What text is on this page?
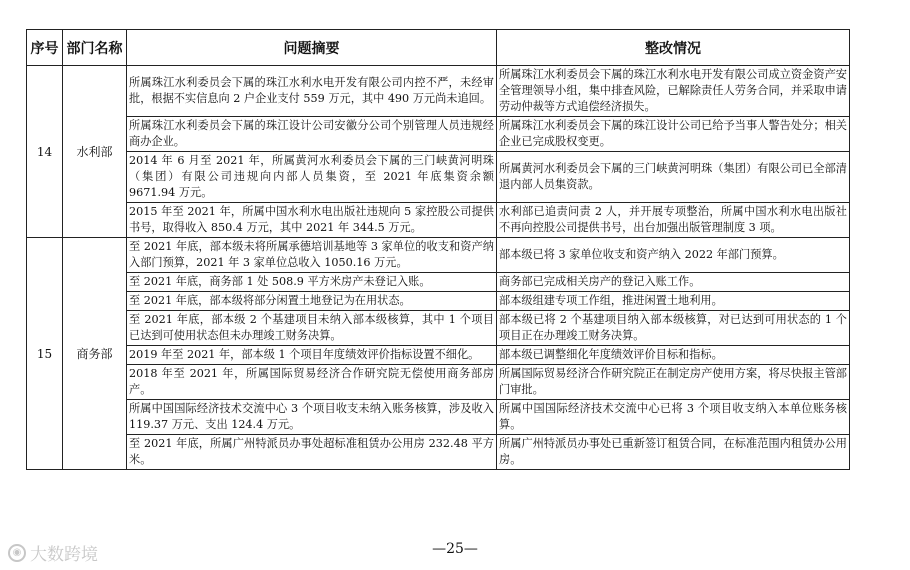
序号	部门名称	问题摘要	整改情况
14	水利部	所属珠江水利委员会下属的珠江水利水电开发有限公司内控不严，未经审批，根据不实信息向 2 户企业支付 559 万元，其中 490 万元尚未追回。	所属珠江水利委员会下属的珠江水利水电开发有限公司成立资金资产安全管理领导小组，集中排查风险，已解除责任人劳务合同，并采取申请劳动仲裁等方式追偿经济损失。
		所属珠江水利委员会下属的珠江设计公司安徽分公司个别管理人员违规经商办企业。	所属珠江水利委员会下属的珠江设计公司已给予当事人警告处分；相关企业已完成股权变更。
		2014 年 6 月至 2021 年，所属黄河水利委员会下属的三门峡黄河明珠（集团）有限公司违规向内部人员集资，至 2021 年底集资余额 9671.94 万元。	所属黄河水利委员会下属的三门峡黄河明珠（集团）有限公司已全部清退内部人员集资款。
		2015 年至 2021 年，所属中国水利水电出版社违规向 5 家控股公司提供书号，取得收入 850.4 万元，其中 2021 年 344.5 万元。	水利部已追责问责 2 人，并开展专项整治，所属中国水利水电出版社不再向控股公司提供书号，出台加强出版管理制度 3 项。
15	商务部	至 2021 年底，部本级未将所属承德培训基地等 3 家单位的收支和资产纳入部门预算，2021 年 3 家单位总收入 1050.16 万元。	部本级已将 3 家单位收支和资产纳入 2022 年部门预算。
		至 2021 年底，商务部 1 处 508.9 平方米房产未登记入账。	商务部已完成相关房产的登记入账工作。
		至 2021 年底，部本级将部分闲置土地登记为在用状态。	部本级组建专项工作组，推进闲置土地利用。
		至 2021 年底，部本级 2 个基建项目未纳入部本级核算，其中 1 个项目已达到可使用状态但未办理竣工财务决算。	部本级已将 2 个基建项目纳入部本级核算，对已达到可用状态的 1 个项目正在办理竣工财务决算。
		2019 年至 2021 年，部本级 1 个项目年度绩效评价指标设置不细化。	部本级已调整细化年度绩效评价目标和指标。
		2018 年至 2021 年，所属国际贸易经济合作研究院无偿使用商务部房产。	所属国际贸易经济合作研究院正在制定房产使用方案，将尽快报主管部门审批。
		所属中国国际经济技术交流中心 3 个项目收支未纳入账务核算，涉及收入 119.37 万元、支出 124.4 万元。	所属中国国际经济技术交流中心已将 3 个项目收支纳入本单位账务核算。
		至 2021 年底，所属广州特派员办事处超标准租赁办公用房 232.48 平方米。	所属广州特派员办事处已重新签订租赁合同，在标准范围内租赁办公用房。
◉ 大数跨境	—25—
